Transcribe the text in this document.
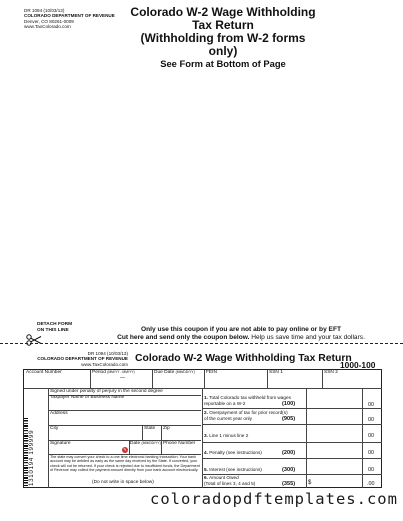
DR 1094 (10/03/13)
COLORADO DEPARTMENT OF REVENUE
Denver, CO 80261-0009
www.TaxColorado.com
Colorado W-2 Wage Withholding Tax Return
(Withholding from W-2 forms only)
See Form at Bottom of Page
DETACH FORM
ON THIS LINE	Only use this coupon if you are not able to pay online or by EFT
Cut here and send only the coupon below. Help us save time and your tax dollars.
DR 1094 (10/03/13)
COLORADO DEPARTMENT OF REVENUE
www.TaxColorado.com
Colorado W-2 Wage Withholding Tax Return
1000-100
Account Number	Period (MM/YY - MM/YY)
—
Due Date (MM/DD/YY) FEIN	SSN 1	SSN 2
Signed under penalty of perjury in the second degree
Taxpayer Name or Business Name
Address
City	State Zip
Signature
✎
Date (MM/DD/YY) Phone Number
The state may convert your check to a one time electronic banking transaction. Your bank account may be debited as early as the same day received by the State. If converted, your check will not be returned. If your check is rejected due to insufficient funds, the Department of Revenue may collect the payment amount directly from your bank account electronically.
(Do not write in space below)
1. Total Colorado tax withheld from wages
reportable on a W-2	(100)	00
2. Overpayment of tax for prior record(s)
of the current year only	(905)	00
3. Line 1 minus line 2	00
4. Penalty (see instructions)	(200)	00
5. Interest (see instructions)	(300)	00
6. Amount Owed
(Total of lines 3, 4 and 5)	(355) $	.00
1310194 199999
coloradopdftemplates.com
